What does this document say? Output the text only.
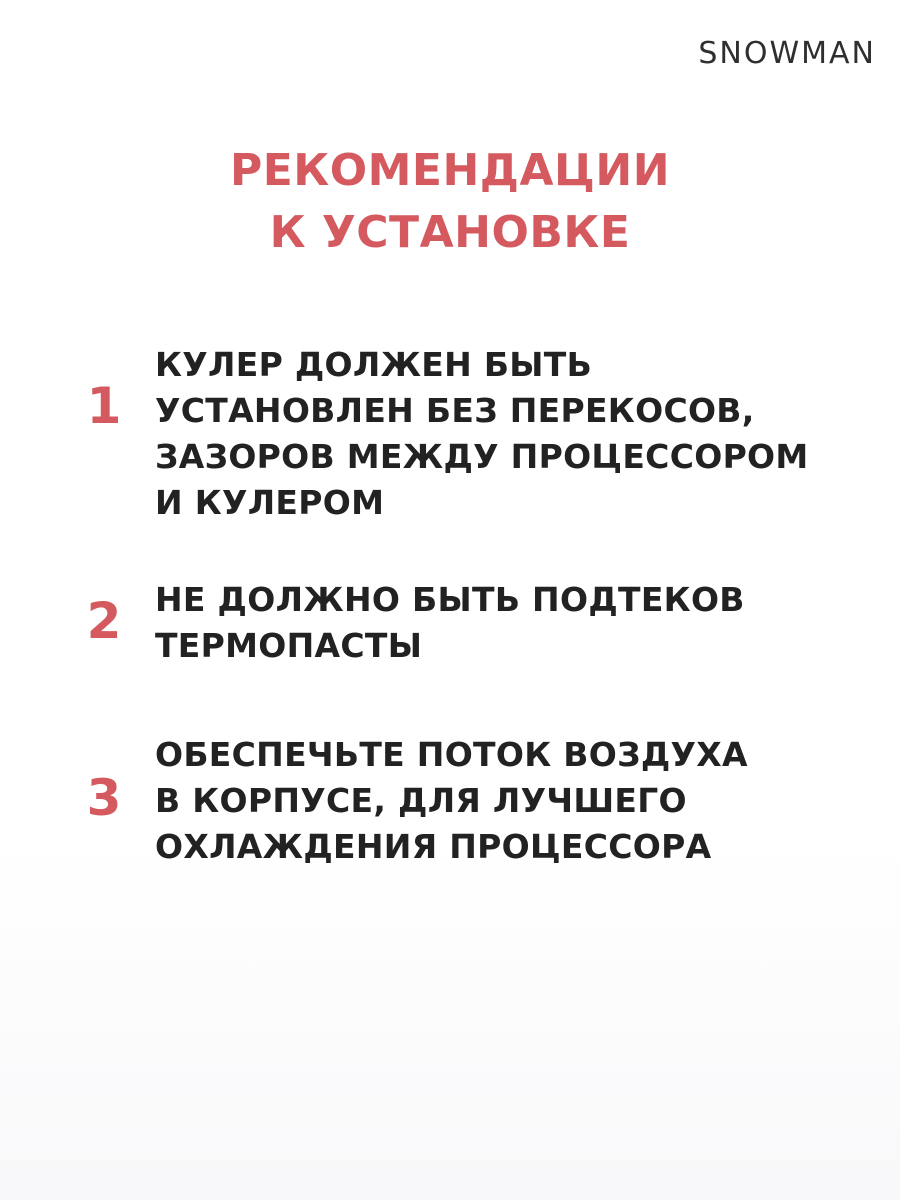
SNOWMAN
РЕКОМЕНДАЦИИ
К УСТАНОВКЕ
1
КУЛЕР ДОЛЖЕН БЫТЬ
УСТАНОВЛЕН БЕЗ ПЕРЕКОСОВ,
ЗАЗОРОВ МЕЖДУ ПРОЦЕССОРОМ
И КУЛЕРОМ
2 НЕ ДОЛЖНО БЫТЬ ПОДТЕКОВ
ТЕРМОПАСТЫ
3
ОБЕСПЕЧЬТЕ ПОТОК ВОЗДУХА
В КОРПУСЕ, ДЛЯ ЛУЧШЕГО
ОХЛАЖДЕНИЯ ПРОЦЕССОРА
